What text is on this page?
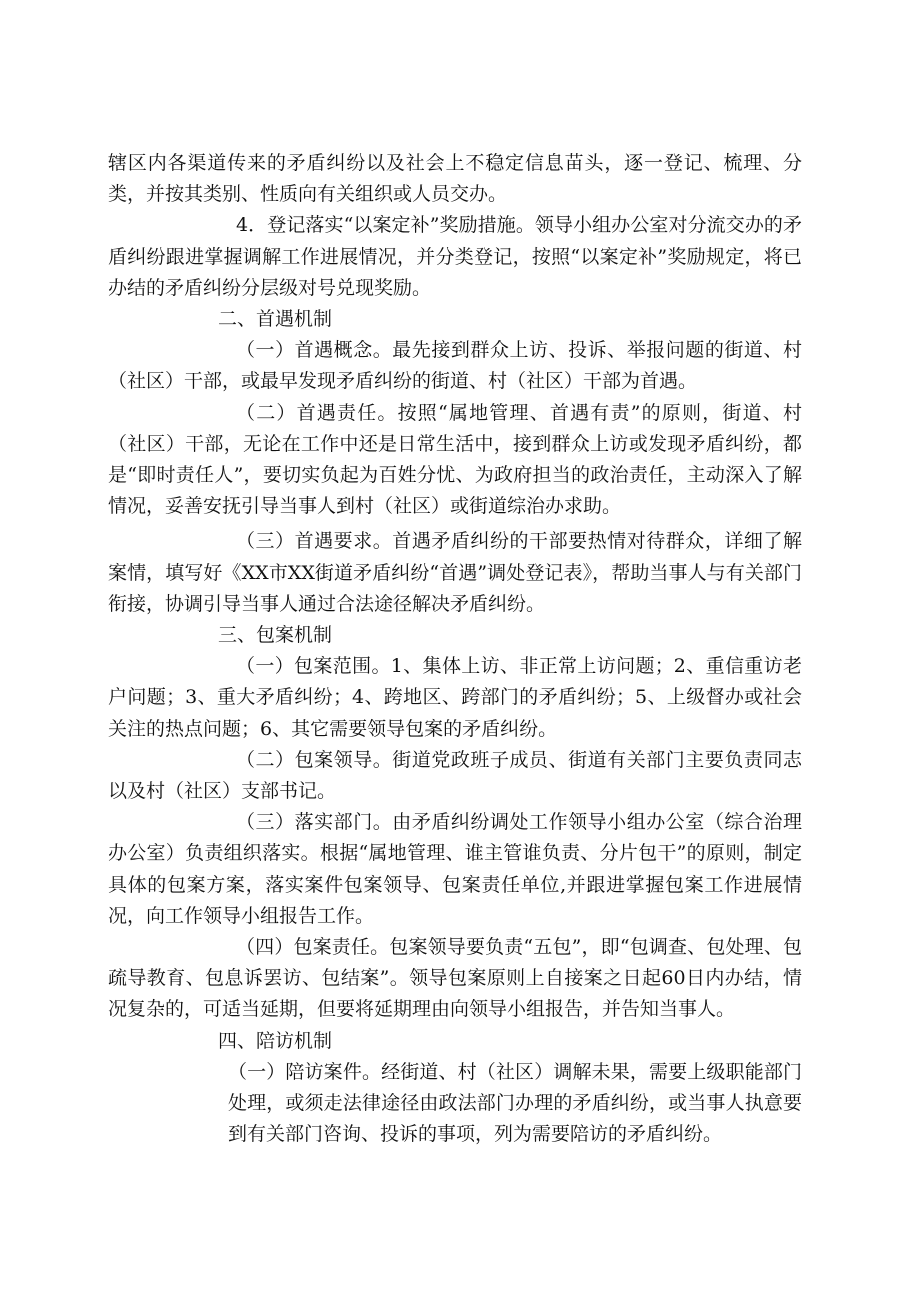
辖区内各渠道传来的矛盾纠纷以及社会上不稳定信息苗头，逐一登记、梳理、分类，并按其类别、性质向有关组织或人员交办。

4．登记落实“以案定补”奖励措施。领导小组办公室对分流交办的矛盾纠纷跟进掌握调解工作进展情况，并分类登记，按照“以案定补”奖励规定，将已办结的矛盾纠纷分层级对号兑现奖励。

二、首遇机制

（一）首遇概念。最先接到群众上访、投诉、举报问题的街道、村（社区）干部，或最早发现矛盾纠纷的街道、村（社区）干部为首遇。

（二）首遇责任。按照“属地管理、首遇有责”的原则，街道、村（社区）干部，无论在工作中还是日常生活中，接到群众上访或发现矛盾纠纷，都是“即时责任人”，要切实负起为百姓分忧、为政府担当的政治责任，主动深入了解情况，妥善安抚引导当事人到村（社区）或街道综治办求助。

（三）首遇要求。首遇矛盾纠纷的干部要热情对待群众，详细了解案情，填写好《XX市XX街道矛盾纠纷“首遇”调处登记表》，帮助当事人与有关部门衔接，协调引导当事人通过合法途径解决矛盾纠纷。

三、包案机制

（一）包案范围。1、集体上访、非正常上访问题；2、重信重访老户问题；3、重大矛盾纠纷；4、跨地区、跨部门的矛盾纠纷；5、上级督办或社会关注的热点问题；6、其它需要领导包案的矛盾纠纷。

（二）包案领导。街道党政班子成员、街道有关部门主要负责同志以及村（社区）支部书记。

（三）落实部门。由矛盾纠纷调处工作领导小组办公室（综合治理办公室）负责组织落实。根据“属地管理、谁主管谁负责、分片包干”的原则，制定具体的包案方案，落实案件包案领导、包案责任单位,并跟进掌握包案工作进展情况，向工作领导小组报告工作。

（四）包案责任。包案领导要负责“五包”，即“包调查、包处理、包疏导教育、包息诉罢访、包结案”。领导包案原则上自接案之日起60日内办结，情况复杂的，可适当延期，但要将延期理由向领导小组报告，并告知当事人。

四、陪访机制

（一）陪访案件。经街道、村（社区）调解未果，需要上级职能部门处理，或须走法律途径由政法部门办理的矛盾纠纷，或当事人执意要到有关部门咨询、投诉的事项，列为需要陪访的矛盾纠纷。
